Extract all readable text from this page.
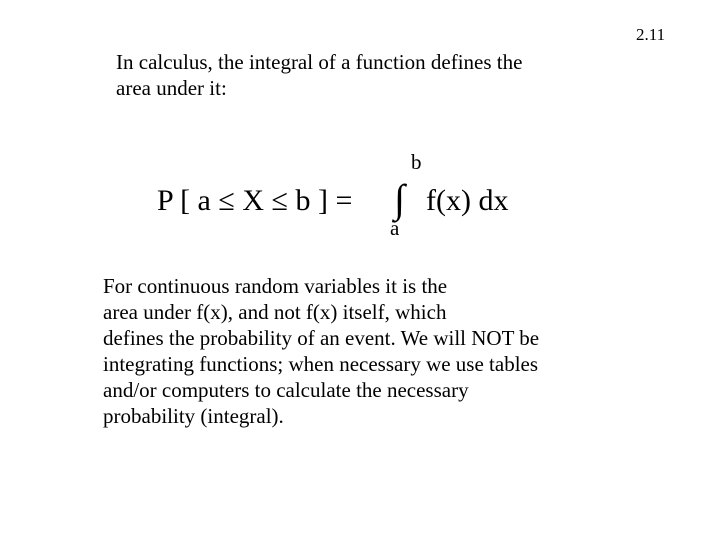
2.11
In calculus, the integral of a function defines the
area under it:
P [ a ≤ X ≤ b ] = ∫
b
a
f(x) dx
For continuous random variables it is the
area under f(x), and not f(x) itself, which
defines the probability of an event. We will NOT be
integrating functions; when necessary we use tables
and/or computers to calculate the necessary
probability (integral).
